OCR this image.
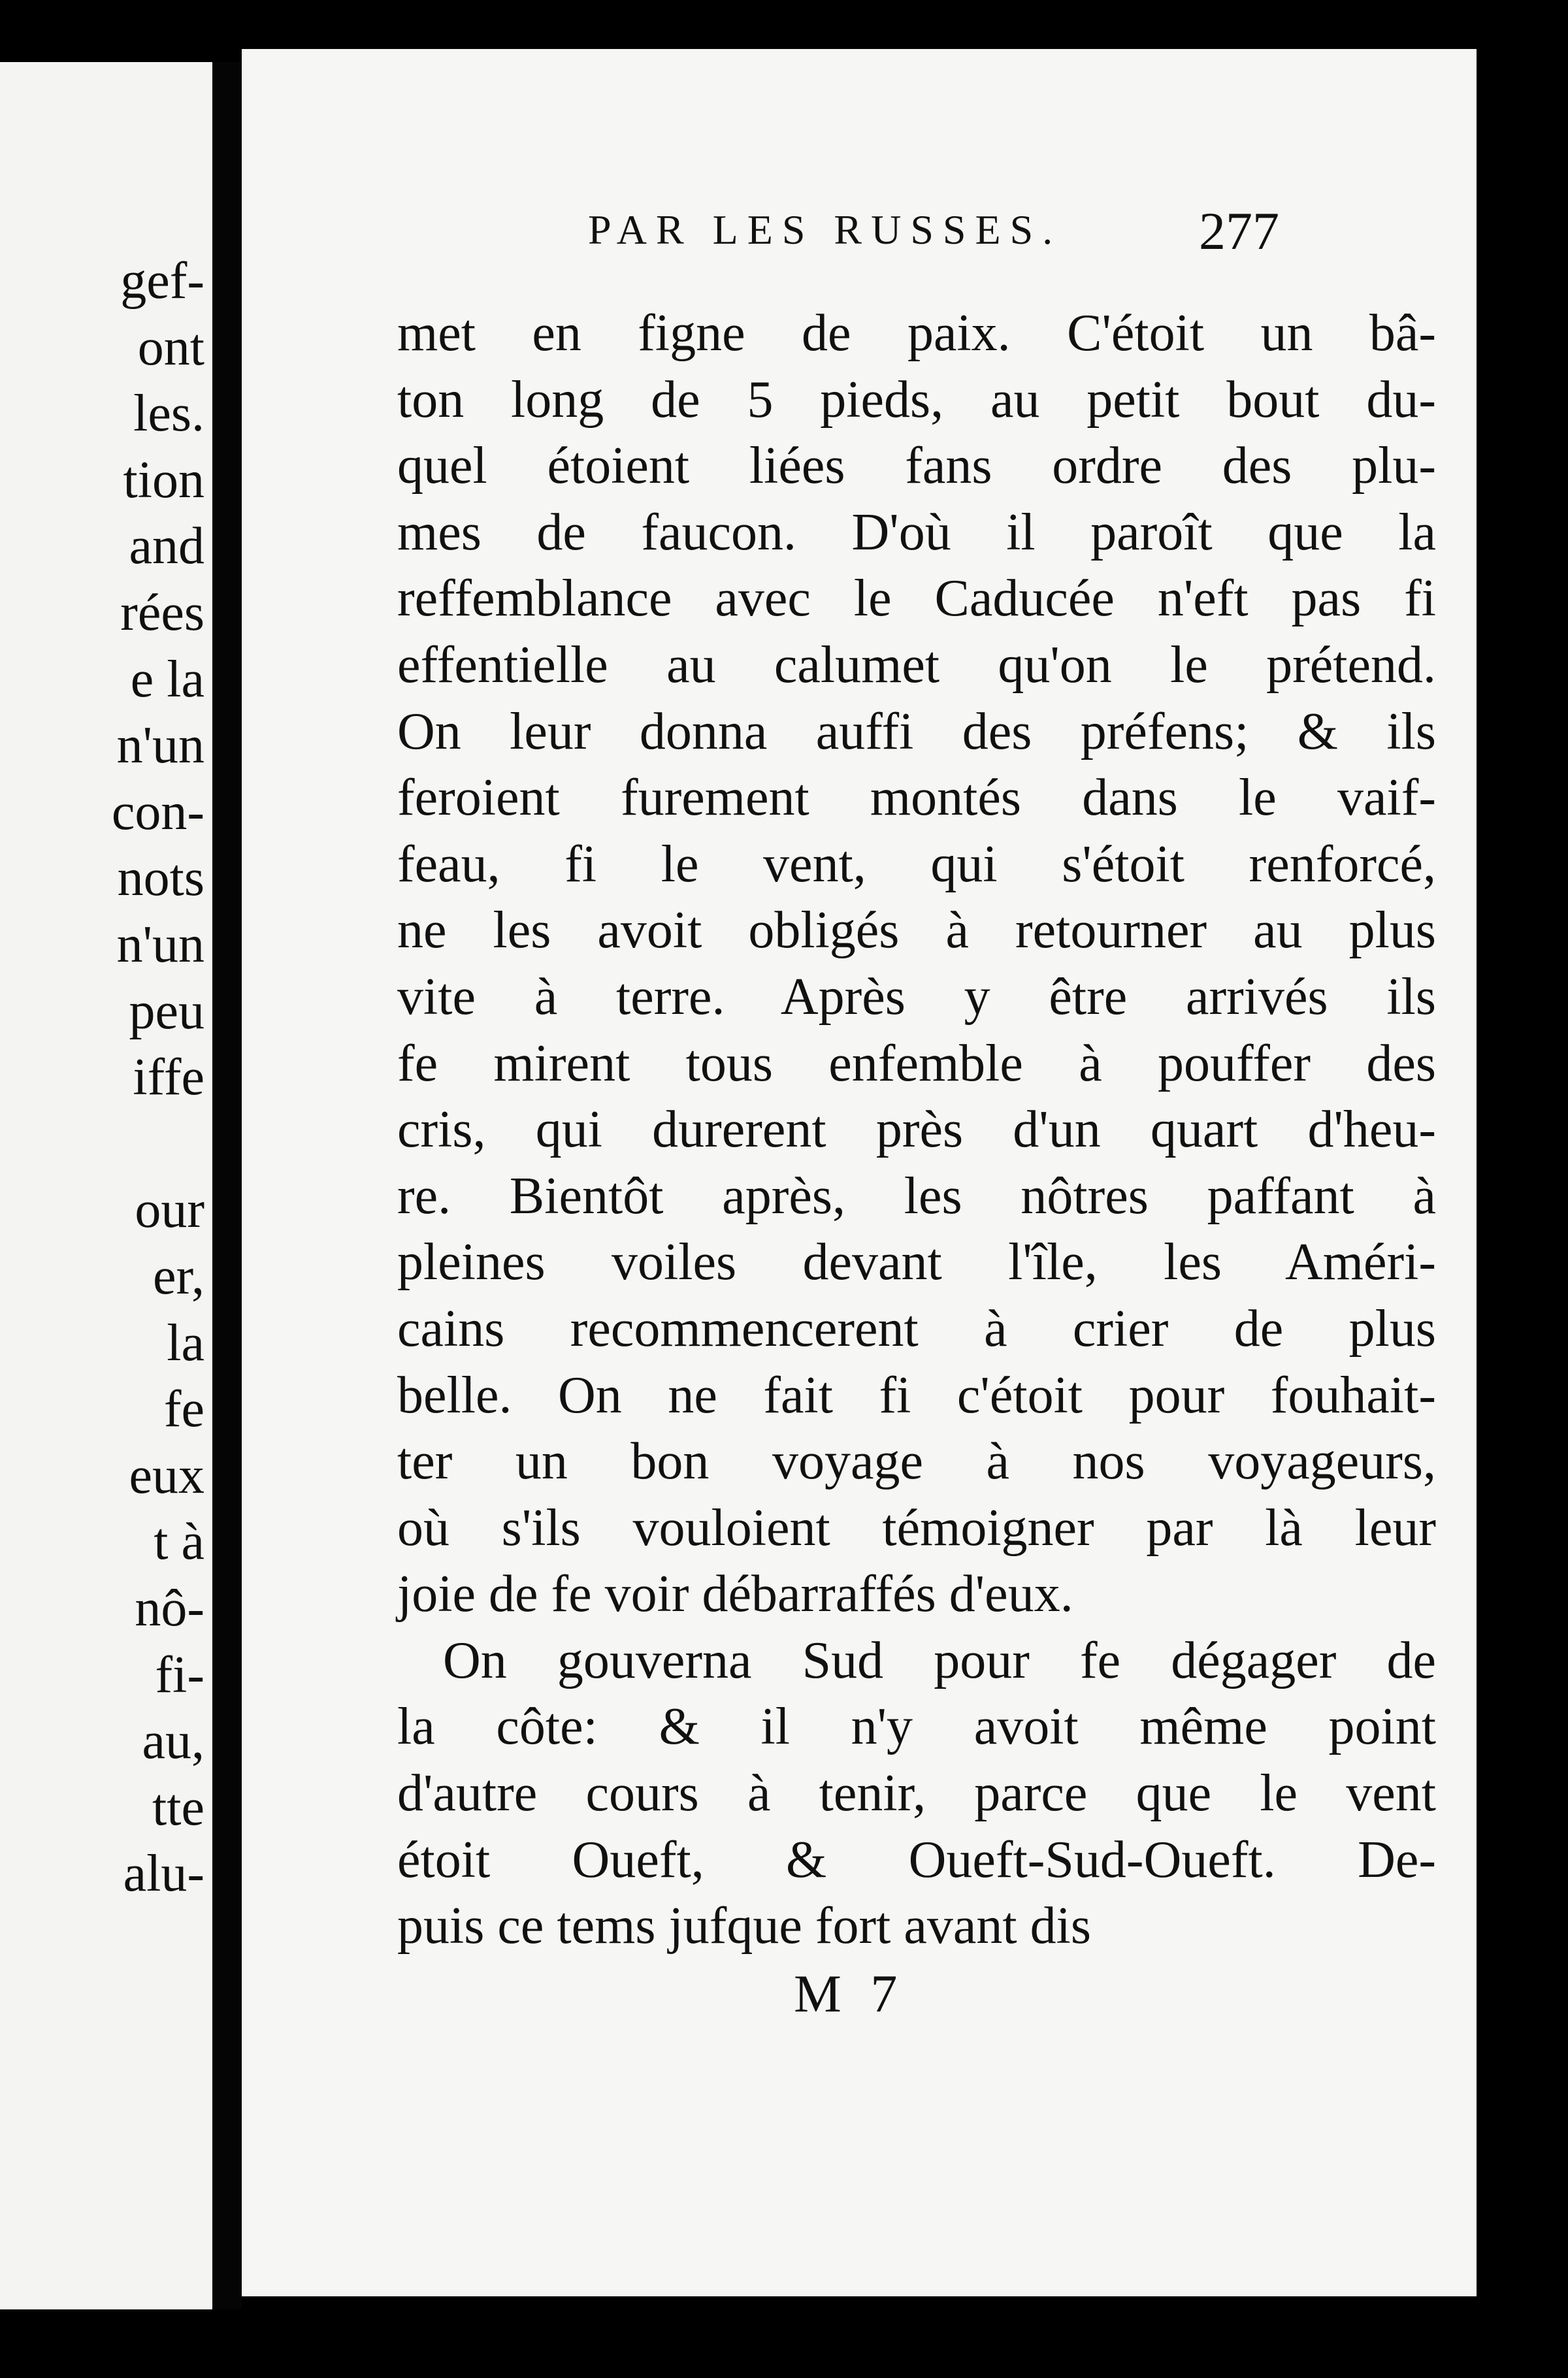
gef-
ont
les.
tion
and
rées
e la
n'un
con-
nots
n'un
peu
iffe
our
er,
la
fe
eux
t à
nô-
fi-
au,
tte
alu-
PAR LES RUSSES.	277
met en figne de paix. C'étoit un bâ-
ton long de 5 pieds, au petit bout du-
quel étoient liées fans ordre des plu-
mes de faucon. D'où il paroît que la
reffemblance avec le Caducée n'eft pas fi
effentielle au calumet qu'on le prétend.
On leur donna auffi des préfens; & ils
feroient furement montés dans le vaif-
feau, fi le vent, qui s'étoit renforcé,
ne les avoit obligés à retourner au plus
vite à terre. Après y être arrivés ils
fe mirent tous enfemble à pouffer des
cris, qui durerent près d'un quart d'heu-
re. Bientôt après, les nôtres paffant à
pleines voiles devant l'île, les Améri-
cains recommencerent à crier de plus
belle. On ne fait fi c'étoit pour fouhait-
ter un bon voyage à nos voyageurs,
où s'ils vouloient témoigner par là leur
joie de fe voir débarraffés d'eux.
On gouverna Sud pour fe dégager de
la côte: & il n'y avoit même point
d'autre cours à tenir, parce que le vent
étoit Oueft, & Oueft-Sud-Oueft. De-
puis ce tems jufque fort avant dis
M 7
